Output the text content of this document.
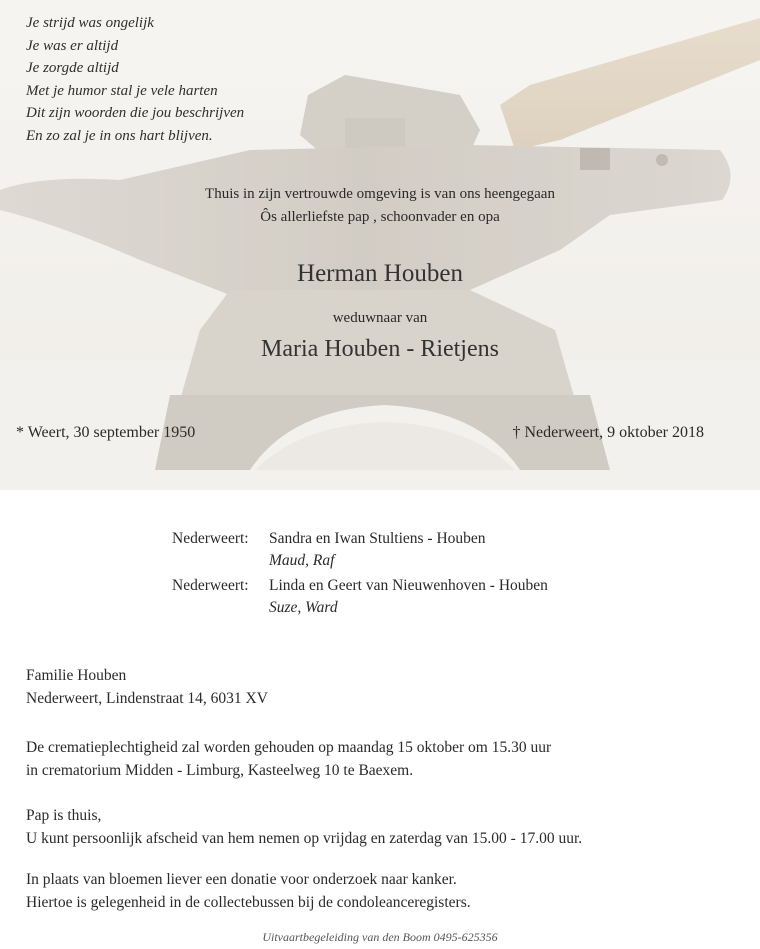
Je strijd was ongelijk
Je was er altijd
Je zorgde altijd
Met je humor stal je vele harten
Dit zijn woorden die jou beschrijven
En zo zal je in ons hart blijven.
Thuis in zijn vertrouwde omgeving is van ons heengegaan
Ôs allerliefste pap , schoonvader en opa
Herman Houben
weduwnaar van
Maria Houben - Rietjens
* Weert, 30 september 1950	† Nederweert, 9 oktober 2018
Nederweert:	Sandra en Iwan Stultiens - Houben
Maud, Raf
Nederweert:	Linda en Geert van Nieuwenhoven - Houben
Suze, Ward
Familie Houben
Nederweert, Lindenstraat 14, 6031 XV
De crematieplechtigheid zal worden gehouden op maandag 15 oktober om 15.30 uur
in crematorium Midden - Limburg, Kasteelweg 10 te Baexem.
Pap is thuis,
U kunt persoonlijk afscheid van hem nemen op vrijdag en zaterdag van 15.00 - 17.00 uur.
In plaats van bloemen liever een donatie voor onderzoek naar kanker.
Hiertoe is gelegenheid in de collectebussen bij de condoleanceregisters.
Uitvaartbegeleiding van den Boom 0495-625356
